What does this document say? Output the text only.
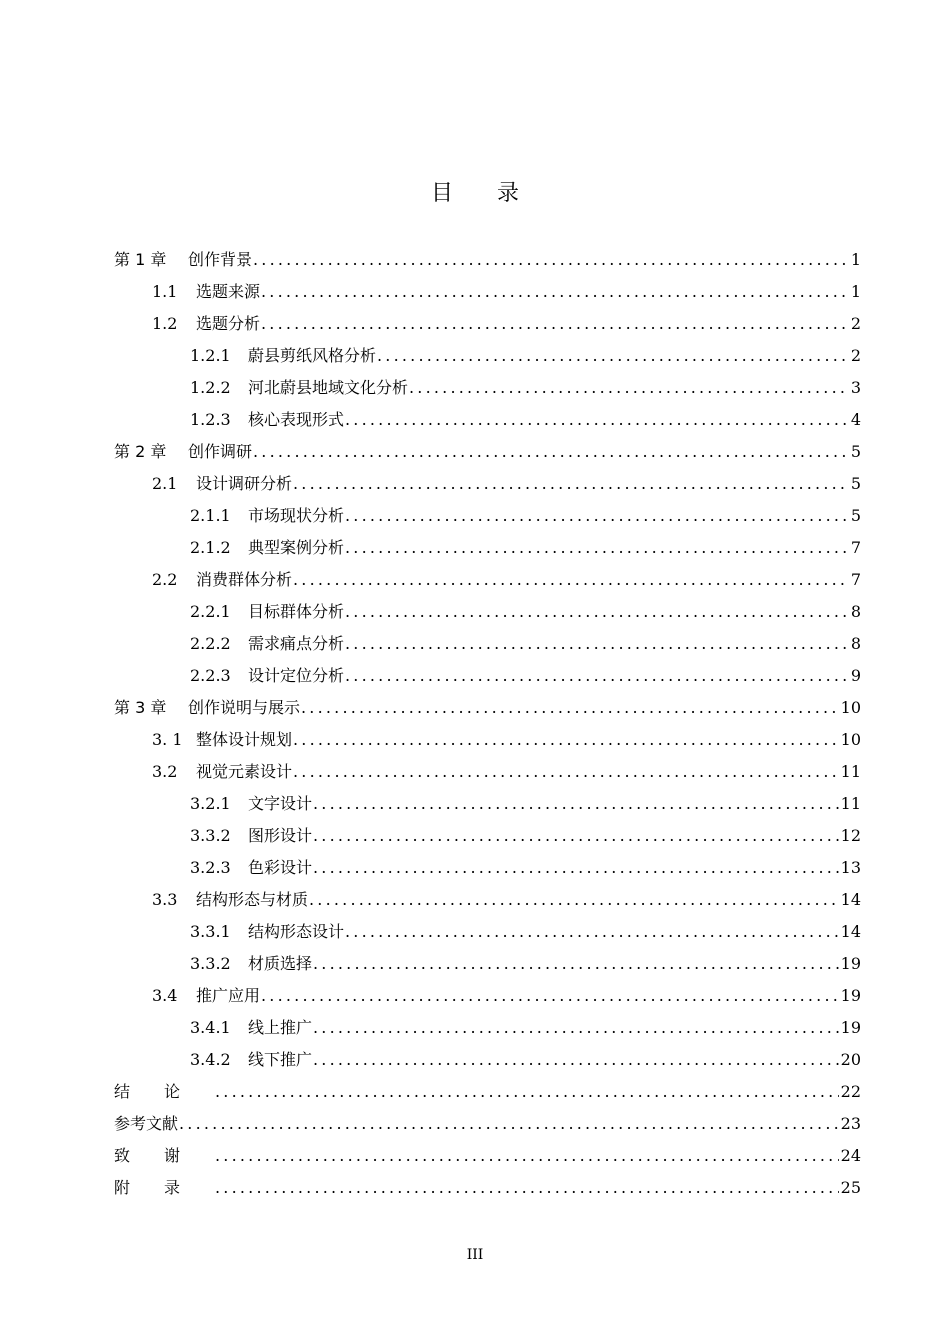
目录
第 1 章	创作背景 .....	1
1.1	选题来源 .....	1
1.2	选题分析 .....	2
1.2.1	蔚县剪纸风格分析 .....	2
1.2.2	河北蔚县地域文化分析 .....	3
1.2.3	核心表现形式 .....	4
第 2 章	创作调研 .....	5
2.1	设计调研分析 .....	5
2.1.1	市场现状分析 .....	5
2.1.2	典型案例分析 .....	7
2.2	消费群体分析 .....	7
2.2.1	目标群体分析 .....	8
2.2.2	需求痛点分析 .....	8
2.2.3	设计定位分析 .....	9
第 3 章	创作说明与展示 .....	10
3. 1 整体设计规划 .....	10
3.2	视觉元素设计 .....	11
3.2.1	文字设计 .....	11
3.3.2	图形设计 .....	12
3.2.3	色彩设计 .....	13
3.3	结构形态与材质 .....	14
3.3.1	结构形态设计 .....	14
3.3.2	材质选择 .....	19
3.4	推广应用 .....	19
3.4.1	线上推广 .....	19
3.4.2	线下推广 .....	20
结论 .....	22
参考文献 .....	23
致谢 .....	24
附录 .....	25
III
